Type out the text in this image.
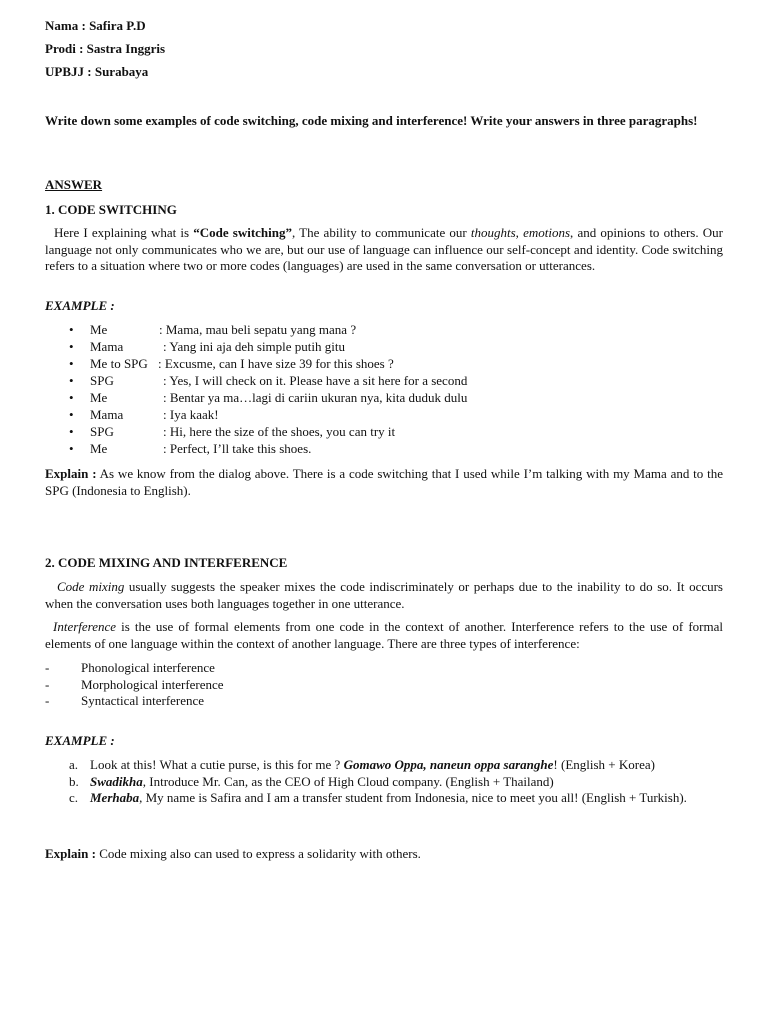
Nama : Safira P.D
Prodi : Sastra Inggris
UPBJJ : Surabaya
Write down some examples of code switching, code mixing and interference! Write your answers in three paragraphs!
ANSWER
1. CODE SWITCHING
Here I explaining what is “Code switching”, The ability to communicate our thoughts, emotions, and opinions to others. Our language not only communicates who we are, but our use of language can influence our self-concept and identity. Code switching refers to a situation where two or more codes (languages) are used in the same conversation or utterances.
EXAMPLE :
• Me	: Mama, mau beli sepatu yang mana ?
• Mama	: Yang ini aja deh simple putih gitu
• Me to SPG : Excusme, can I have size 39 for this shoes ?
• SPG	: Yes, I will check on it. Please have a sit here for a second
• Me	: Bentar ya ma…lagi di cariin ukuran nya, kita duduk dulu
• Mama	: Iya kaak!
• SPG	: Hi, here the size of the shoes, you can try it
• Me	: Perfect, I’ll take this shoes.
Explain : As we know from the dialog above. There is a code switching that I used while I’m talking with my Mama and to the SPG (Indonesia to English).
2. CODE MIXING AND INTERFERENCE
Code mixing usually suggests the speaker mixes the code indiscriminately or perhaps due to the inability to do so. It occurs when the conversation uses both languages together in one utterance.
Interference is the use of formal elements from one code in the context of another. Interference refers to the use of formal elements of one language within the context of another language. There are three types of interference:
- Phonological interference
- Morphological interference
- Syntactical interference
EXAMPLE :
a. Look at this! What a cutie purse, is this for me ? Gomawo Oppa, naneun oppa saranghe! (English + Korea)
b. Swadikha, Introduce Mr. Can, as the CEO of High Cloud company. (English + Thailand)
c. Merhaba, My name is Safira and I am a transfer student from Indonesia, nice to meet you all! (English + Turkish).
Explain : Code mixing also can used to express a solidarity with others.
